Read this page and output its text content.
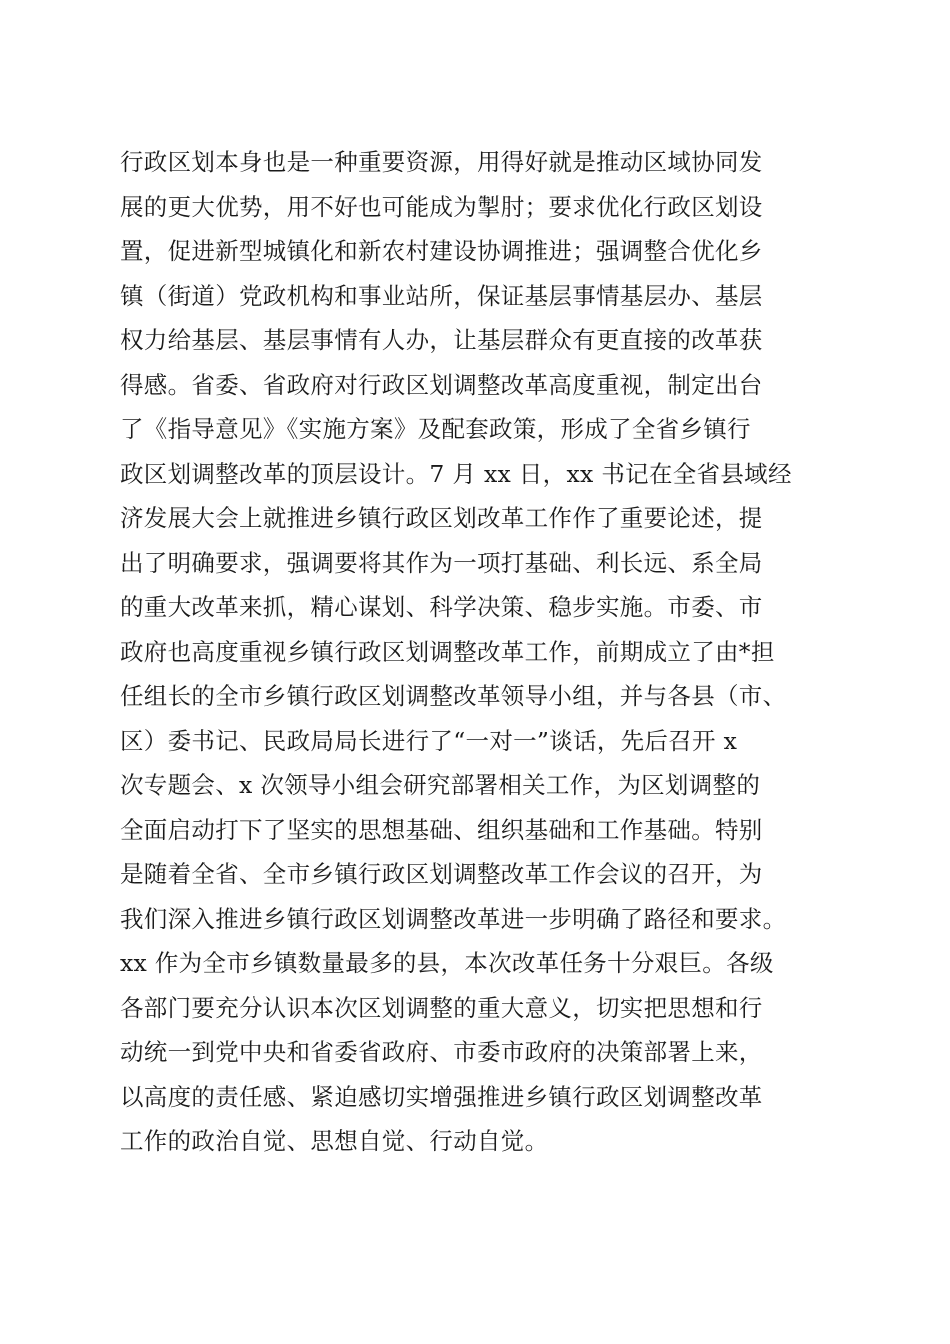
行政区划本身也是一种重要资源，用得好就是推动区域协同发
展的更大优势，用不好也可能成为掣肘；要求优化行政区划设
置，促进新型城镇化和新农村建设协调推进；强调整合优化乡
镇（街道）党政机构和事业站所，保证基层事情基层办、基层
权力给基层、基层事情有人办，让基层群众有更直接的改革获
得感。省委、省政府对行政区划调整改革高度重视，制定出台
了《指导意见》《实施方案》及配套政策，形成了全省乡镇行
政区划调整改革的顶层设计。7 月 xx 日，xx 书记在全省县域经
济发展大会上就推进乡镇行政区划改革工作作了重要论述，提
出了明确要求，强调要将其作为一项打基础、利长远、系全局
的重大改革来抓，精心谋划、科学决策、稳步实施。市委、市
政府也高度重视乡镇行政区划调整改革工作，前期成立了由*担
任组长的全市乡镇行政区划调整改革领导小组，并与各县（市、
区）委书记、民政局局长进行了“一对一”谈话，先后召开 x
次专题会、x 次领导小组会研究部署相关工作，为区划调整的
全面启动打下了坚实的思想基础、组织基础和工作基础。特别
是随着全省、全市乡镇行政区划调整改革工作会议的召开，为
我们深入推进乡镇行政区划调整改革进一步明确了路径和要求。
xx 作为全市乡镇数量最多的县，本次改革任务十分艰巨。各级
各部门要充分认识本次区划调整的重大意义，切实把思想和行
动统一到党中央和省委省政府、市委市政府的决策部署上来，
以高度的责任感、紧迫感切实增强推进乡镇行政区划调整改革
工作的政治自觉、思想自觉、行动自觉。
